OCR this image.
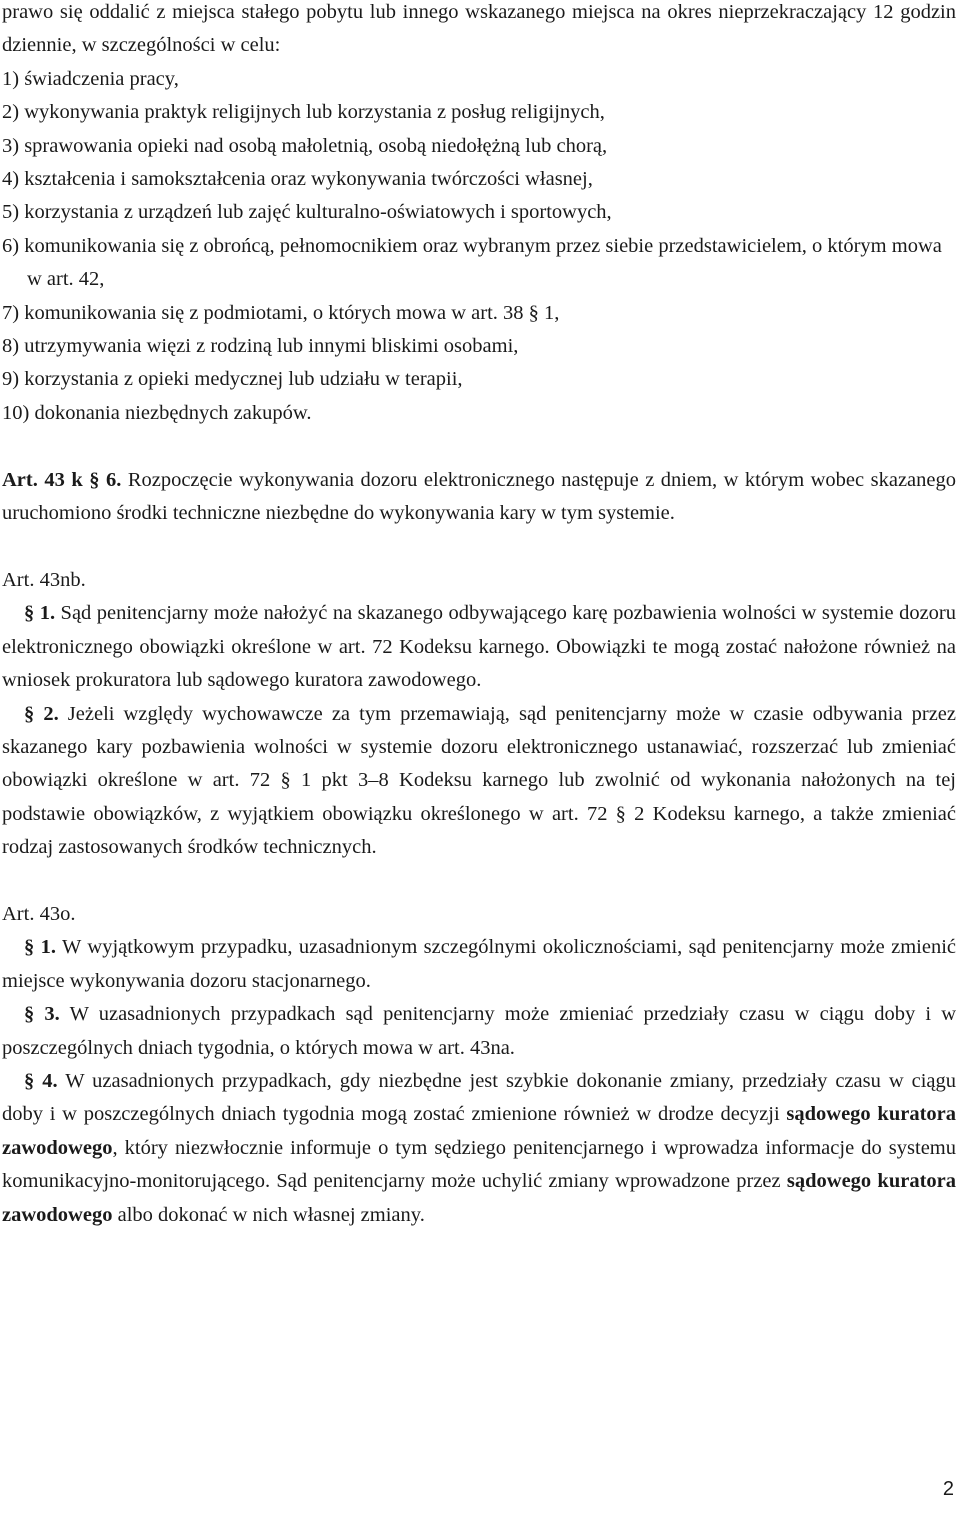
prawo się oddalić z miejsca stałego pobytu lub innego wskazanego miejsca na okres nieprzekraczający 12 godzin dziennie, w szczególności w celu:

1) świadczenia pracy,

2) wykonywania praktyk religijnych lub korzystania z posług religijnych,

3) sprawowania opieki nad osobą małoletnią, osobą niedołężną lub chorą,

4) kształcenia i samokształcenia oraz wykonywania twórczości własnej,

5) korzystania z urządzeń lub zajęć kulturalno-oświatowych i sportowych,

6) komunikowania się z obrońcą, pełnomocnikiem oraz wybranym przez siebie przedstawicielem, o którym mowa w art. 42,

7) komunikowania się z podmiotami, o których mowa w art. 38 § 1,

8) utrzymywania więzi z rodziną lub innymi bliskimi osobami,

9) korzystania z opieki medycznej lub udziału w terapii,

10) dokonania niezbędnych zakupów.

Art. 43 k § 6. Rozpoczęcie wykonywania dozoru elektronicznego następuje z dniem, w którym wobec skazanego uruchomiono środki techniczne niezbędne do wykonywania kary w tym systemie.

Art. 43nb.

§ 1. Sąd penitencjarny może nałożyć na skazanego odbywającego karę pozbawienia wolności w systemie dozoru elektronicznego obowiązki określone w art. 72 Kodeksu karnego. Obowiązki te mogą zostać nałożone również na wniosek prokuratora lub sądowego kuratora zawodowego.

§ 2. Jeżeli względy wychowawcze za tym przemawiają, sąd penitencjarny może w czasie odbywania przez skazanego kary pozbawienia wolności w systemie dozoru elektronicznego ustanawiać, rozszerzać lub zmieniać obowiązki określone w art. 72 § 1 pkt 3–8 Kodeksu karnego lub zwolnić od wykonania nałożonych na tej podstawie obowiązków, z wyjątkiem obowiązku określonego w art. 72 § 2 Kodeksu karnego, a także zmieniać rodzaj zastosowanych środków technicznych.

Art. 43o.

§ 1. W wyjątkowym przypadku, uzasadnionym szczególnymi okolicznościami, sąd penitencjarny może zmienić miejsce wykonywania dozoru stacjonarnego.

§ 3. W uzasadnionych przypadkach sąd penitencjarny może zmieniać przedziały czasu w ciągu doby i w poszczególnych dniach tygodnia, o których mowa w art. 43na.

§ 4. W uzasadnionych przypadkach, gdy niezbędne jest szybkie dokonanie zmiany, przedziały czasu w ciągu doby i w poszczególnych dniach tygodnia mogą zostać zmienione również w drodze decyzji sądowego kuratora zawodowego, który niezwłocznie informuje o tym sędziego penitencjarnego i wprowadza informacje do systemu komunikacyjno-monitorującego. Sąd penitencjarny może uchylić zmiany wprowadzone przez sądowego kuratora zawodowego albo dokonać w nich własnej zmiany.

2
